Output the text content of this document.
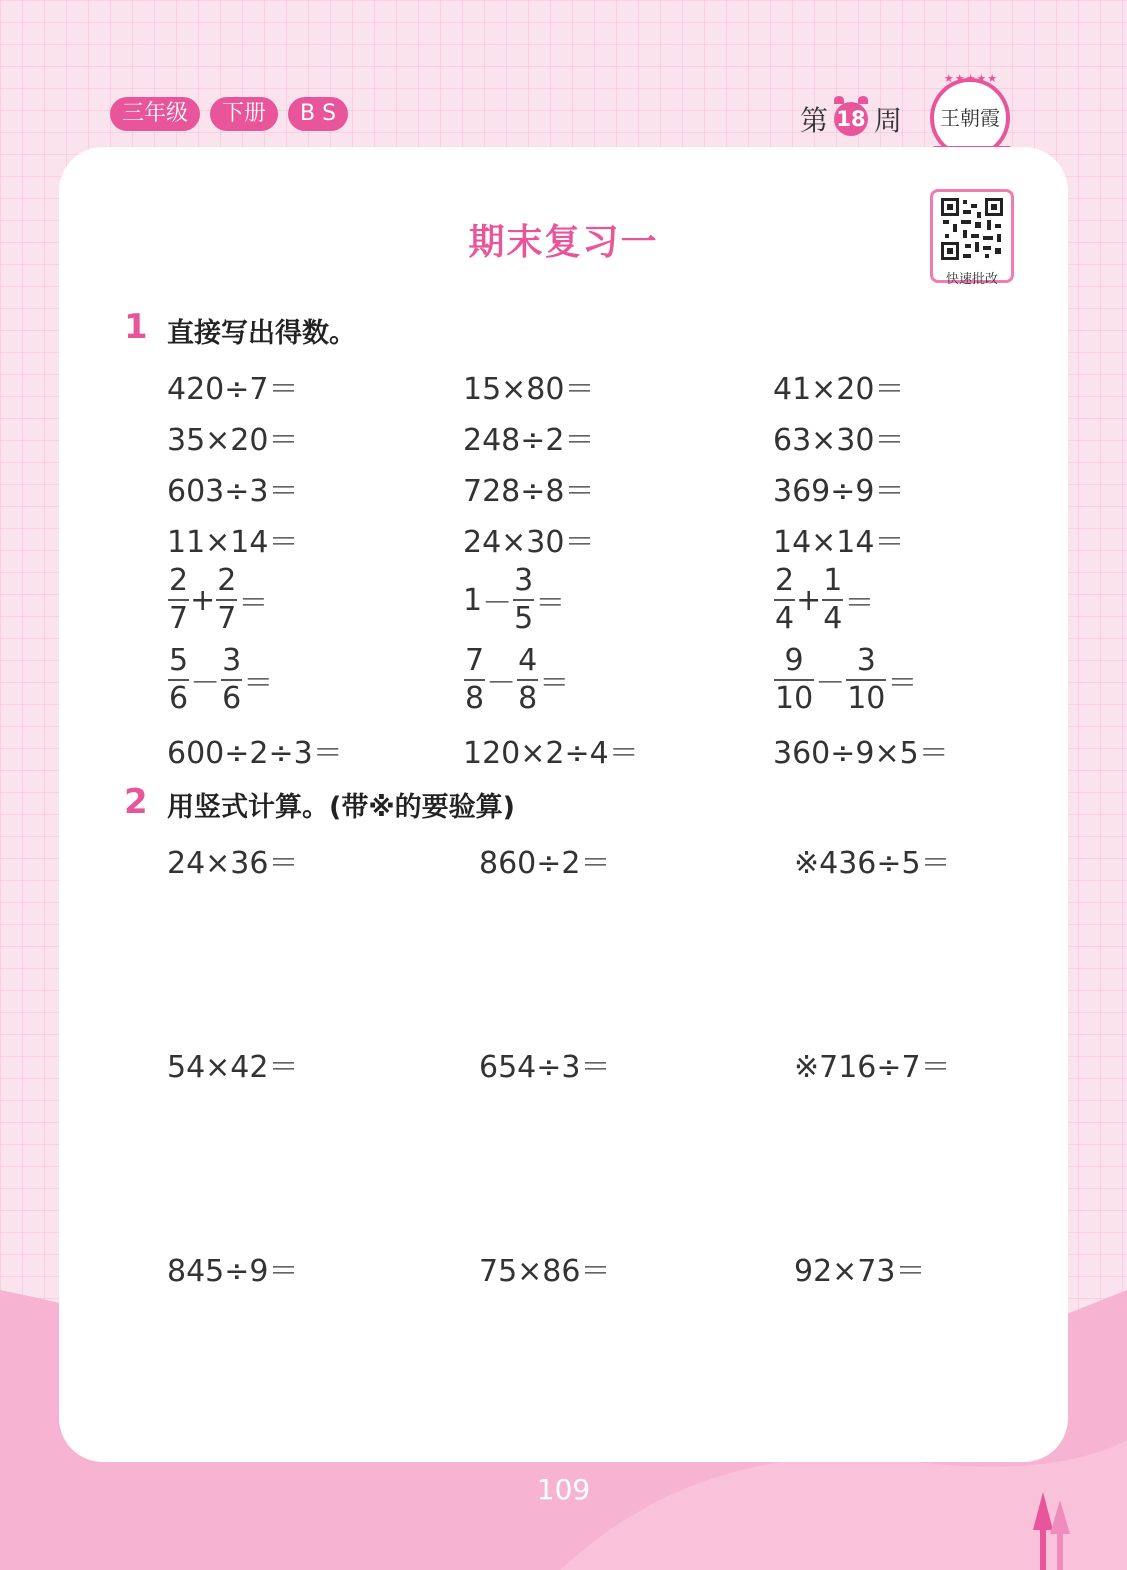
三年级	下册	B S	第 18 周	王朝霞
★★★★★
期末复习一
快速批改
1 直接写出得数。
420÷7＝	15×80＝	41×20＝
35×20＝	248÷2＝	63×30＝
603÷3＝	728÷8＝	369÷9＝
11×14＝	24×30＝	14×14＝
$\frac{2}{7} + \frac{2}{7}$ ＝	$1 - \frac{3}{5}$ ＝	$\frac{2}{4} + \frac{1}{4}$ ＝
$\frac{5}{6} - \frac{3}{6}$ ＝	$\frac{7}{8} - \frac{4}{8}$ ＝	$\frac{9}{10} - \frac{3}{10}$ ＝
600÷2÷3＝	120×2÷4＝	360÷9×5＝
2 用竖式计算。(带※的要验算)
24×36＝	860÷2＝	※436÷5＝
54×42＝	654÷3＝	※716÷7＝
845÷9＝	75×86＝	92×73＝
109
